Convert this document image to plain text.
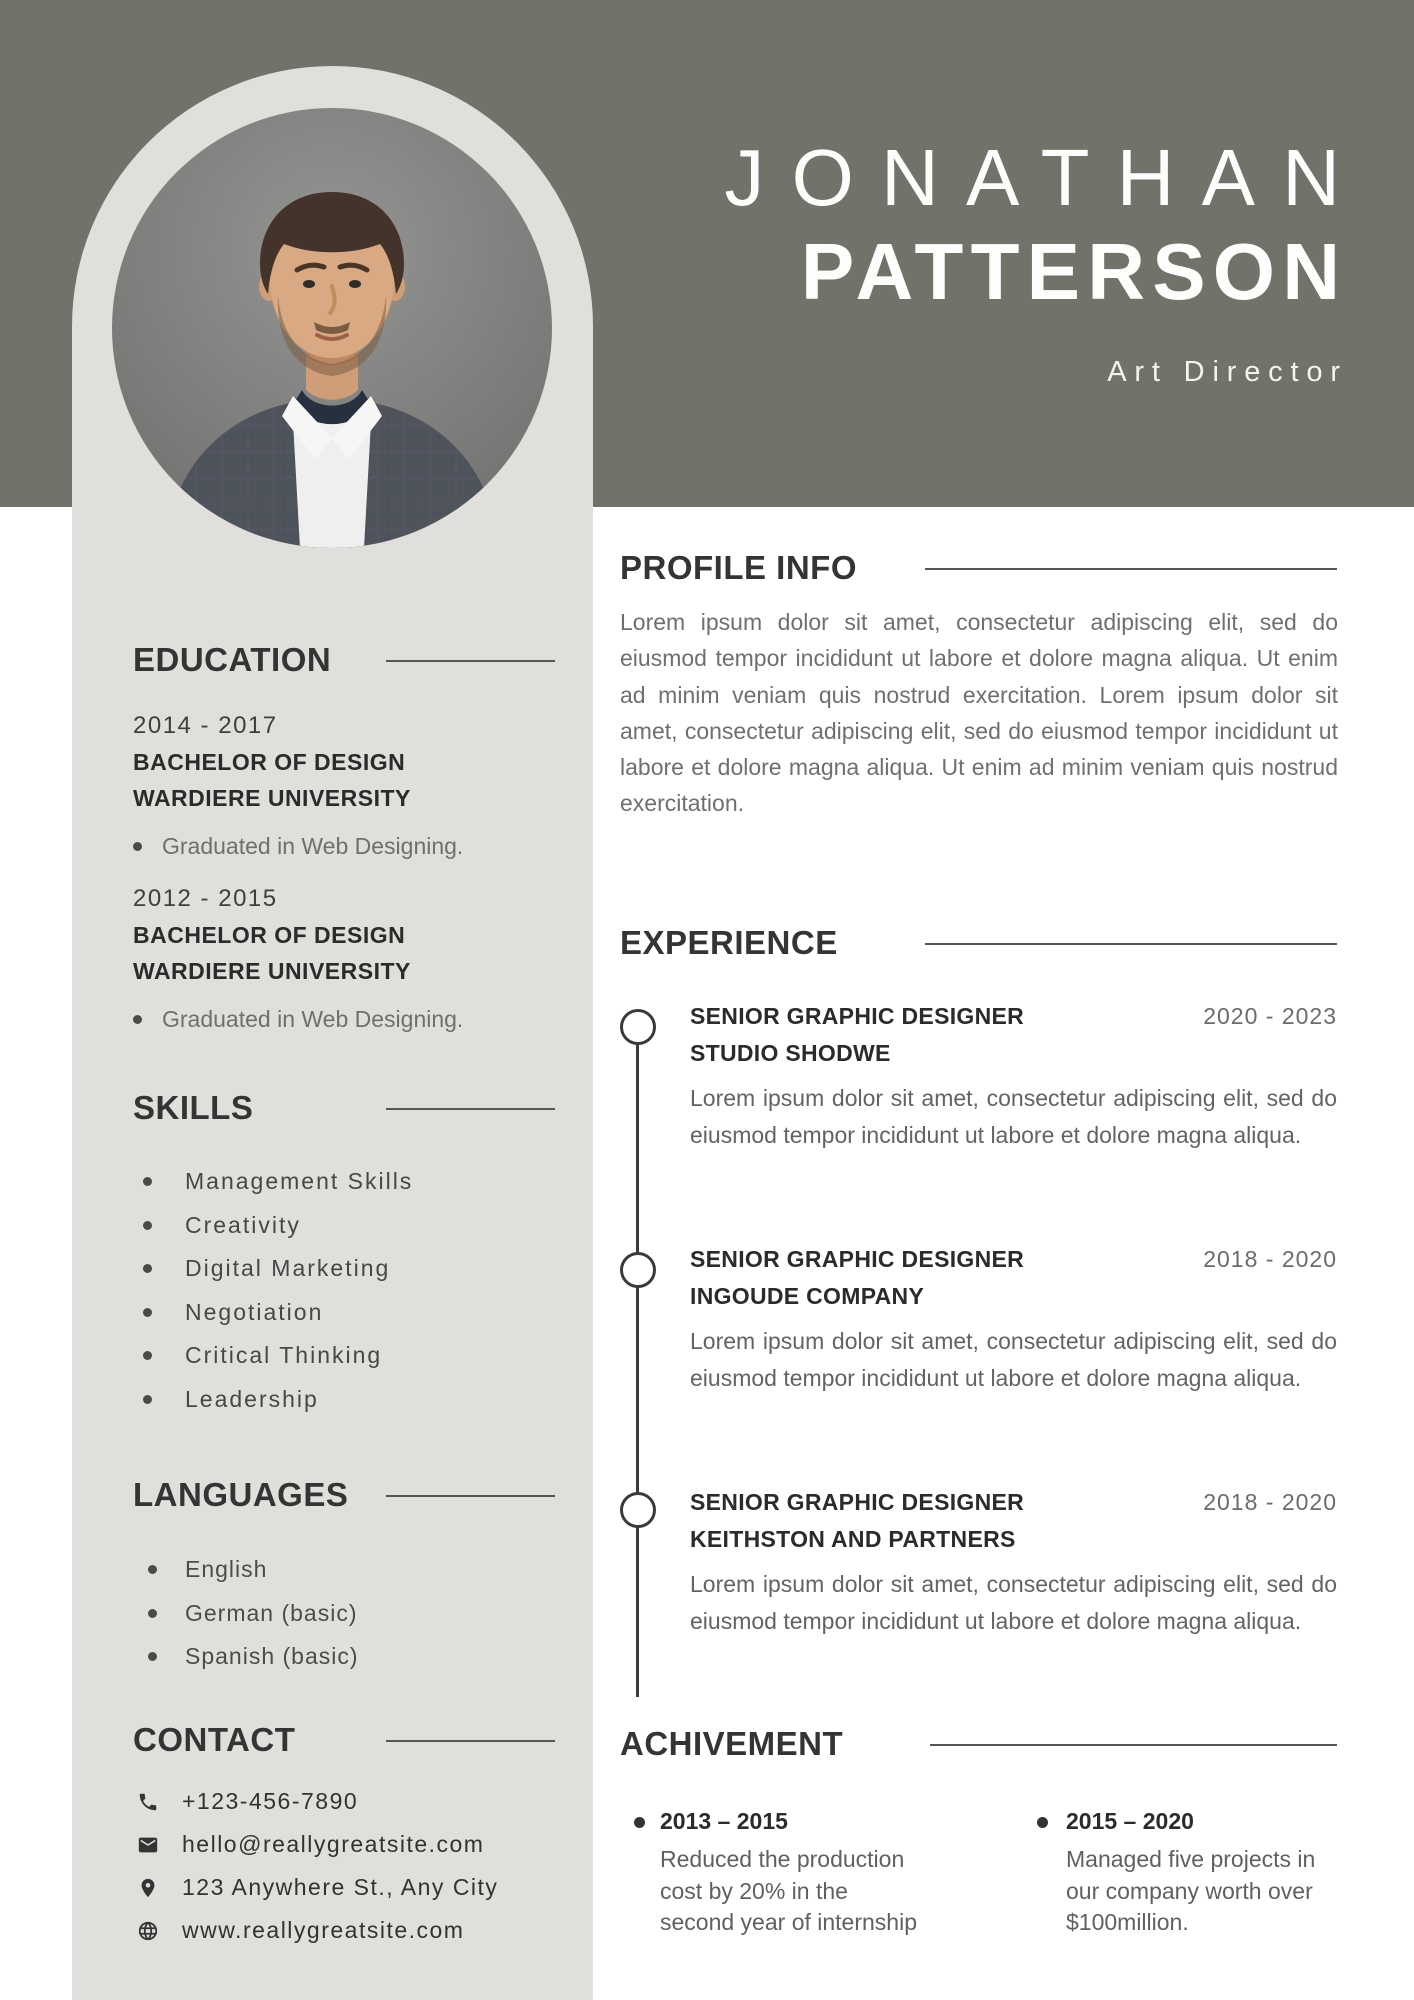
JONATHAN
PATTERSON
Art Director
EDUCATION
2014 - 2017
BACHELOR OF DESIGN
WARDIERE UNIVERSITY
Graduated in Web Designing.
2012 - 2015
BACHELOR OF DESIGN
WARDIERE UNIVERSITY
Graduated in Web Designing.
SKILLS
Management Skills
Creativity
Digital Marketing
Negotiation
Critical Thinking
Leadership
LANGUAGES
English
German (basic)
Spanish (basic)
CONTACT
+123-456-7890
hello@reallygreatsite.com
123 Anywhere St., Any City
www.reallygreatsite.com
PROFILE INFO
Lorem ipsum dolor sit amet, consectetur adipiscing elit, sed do eiusmod tempor incididunt ut labore et dolore magna aliqua. Ut enim ad minim veniam quis nostrud exercitation. Lorem ipsum dolor sit amet, consectetur adipiscing elit, sed do eiusmod tempor incididunt ut labore et dolore magna aliqua. Ut enim ad minim veniam quis nostrud exercitation.
EXPERIENCE
SENIOR GRAPHIC DESIGNER	2020 - 2023
STUDIO SHODWE
Lorem ipsum dolor sit amet, consectetur adipiscing elit, sed do eiusmod tempor incididunt ut labore et dolore magna aliqua.
SENIOR GRAPHIC DESIGNER	2018 - 2020
INGOUDE COMPANY
Lorem ipsum dolor sit amet, consectetur adipiscing elit, sed do eiusmod tempor incididunt ut labore et dolore magna aliqua.
SENIOR GRAPHIC DESIGNER	2018 - 2020
KEITHSTON AND PARTNERS
Lorem ipsum dolor sit amet, consectetur adipiscing elit, sed do eiusmod tempor incididunt ut labore et dolore magna aliqua.
ACHIVEMENT
2013 – 2015
Reduced the production cost by 20% in the second year of internship
2015 – 2020
Managed five projects in our company worth over $100million.
